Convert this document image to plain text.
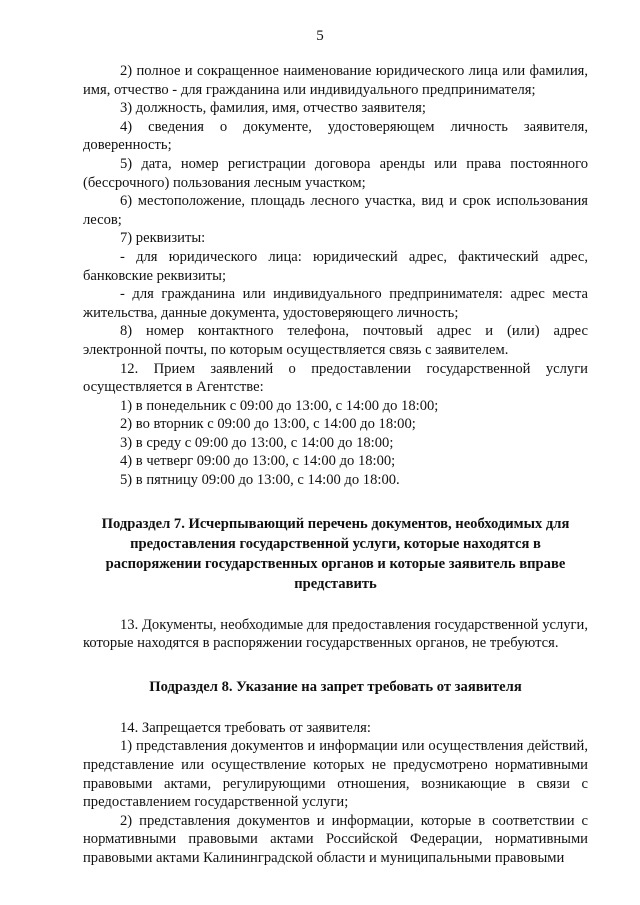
5

2) полное и сокращенное наименование юридического лица или фамилия, имя, отчество - для гражданина или индивидуального предпринимателя;

3) должность, фамилия, имя, отчество заявителя;

4) сведения о документе, удостоверяющем личность заявителя, доверенность;

5) дата, номер регистрации договора аренды или права постоянного (бессрочного) пользования лесным участком;

6) местоположение, площадь лесного участка, вид и срок использования лесов;

7) реквизиты:

- для юридического лица: юридический адрес, фактический адрес, банковские реквизиты;

- для гражданина или индивидуального предпринимателя: адрес места жительства, данные документа, удостоверяющего личность;

8) номер контактного телефона, почтовый адрес и (или) адрес электронной почты, по которым осуществляется связь с заявителем.

12. Прием заявлений о предоставлении государственной услуги осуществляется в Агентстве:

1) в понедельник с 09:00 до 13:00, с 14:00 до 18:00;

2) во вторник с 09:00 до 13:00, с 14:00 до 18:00;

3) в среду с 09:00 до 13:00, с 14:00 до 18:00;

4) в четверг 09:00 до 13:00, с 14:00 до 18:00;

5) в пятницу 09:00 до 13:00, с 14:00 до 18:00.

Подраздел 7. Исчерпывающий перечень документов, необходимых для предоставления государственной услуги, которые находятся в распоряжении государственных органов и которые заявитель вправе представить

13. Документы, необходимые для предоставления государственной услуги, которые находятся в распоряжении государственных органов, не требуются.

Подраздел 8. Указание на запрет требовать от заявителя

14. Запрещается требовать от заявителя:

1) представления документов и информации или осуществления действий, представление или осуществление которых не предусмотрено нормативными правовыми актами, регулирующими отношения, возникающие в связи с предоставлением государственной услуги;

2) представления документов и информации, которые в соответствии с нормативными правовыми актами Российской Федерации, нормативными правовыми актами Калининградской области и муниципальными правовыми
